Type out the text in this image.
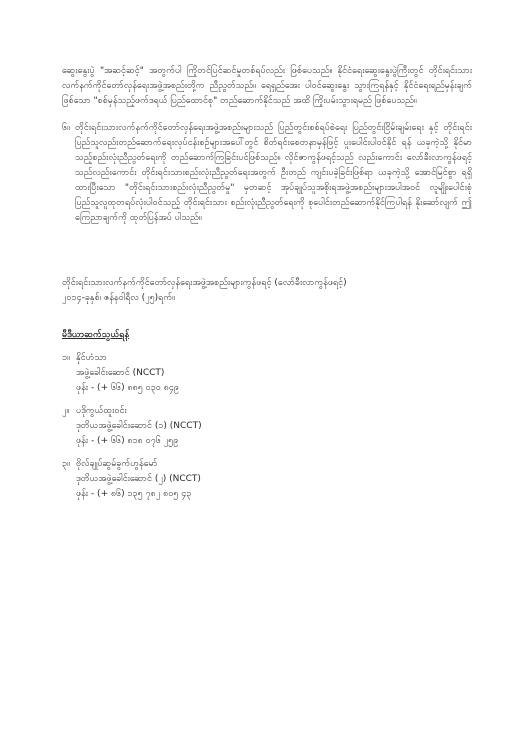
ဆွေးနွေးပွဲ "အဆင့်ဆင့်" အတွက်ပါ ကြိုတင်ပြင်ဆင်မှုတစ်ရပ်လည်း ဖြစ်ပေသည်။ နိုင်ငံရေးဆွေးနွေးပွဲကြီးတွင် တိုင်းရင်းသားလက်နက်ကိုင်တော်လှန်ရေးအဖွဲ့အစည်းတို့က ညီညွတ်သည်။ ရေရှည်အေး ပါဝင်ဆွေးနွေး သွားကြရန်နှင့် နိုင်ငံရေးရည်မှန်းချက်ဖြစ်သော "စစ်မှန်သည့်ဖက်ဒရယ် ပြည်ထောင်စု" တည်ဆောက်နိုင်သည် အထိ ကြိုးပမ်းသွားရမည် ဖြစ်ပေသည်။

၆။ တိုင်းရင်းသားလက်နက်ကိုင်တော်လှန်ရေးအဖွဲ့အစည်းများသည် ပြည်တွင်းစစ်ရပ်စဲရေး ပြည်တွင်းငြိမ်းချမ်းရေး နှင့် တိုင်းရင်းပြည်သူလည်းတည်ဆောက်ရေးလုပ်ငန်းစဉ်များအပေါ်တွင် စိတ်ရင်းစေတနာမှန်ဖြင့် ပူးပေါင်းပါဝင်နိုင် ရန် ယခုကဲ့သို့ နိုင်မာသည့်စည်းလုံးညီညွတ်ရေးကို တည်ဆောက်ကြခြင်းပင်ဖြစ်သည်။ လိုင်ဇာကွန်ဖရင့်သည် လည်းကောင်း လော်ခီးလာကွန်ဖရင့်သည်လည်းကောင်း တိုင်းရင်းသားစည်းလုံးညီညွတ်ရေးအတွက် ဦးတည် ကျင်းပခဲ့ခြင်းဖြစ်ရာ ယခုကဲ့သို့ အောင်မြင်စွာ ရရှိထားပြီးသော "တိုင်းရင်းသားစည်းလုံးညီညွတ်မှု" မှတဆင့် အုပ်ချုပ်သူအစိုးရအဖွဲ့အစည်းများအပါအဝင် လူမျိုးပေါင်းစုံပြည်သူလူထုတရပ်လုံးပါဝင်သည့် တိုင်းရင်းသား စည်းလုံးညီညွတ်ရေးကို စုပေါင်းတည်ဆောက်နိုင်ကြပါရန် နိုးဆော်လျက် ဤကြေညာချက်ကို ထုတ်ပြန်အပ် ပါသည်။
တိုင်းရင်းသားလက်နက်ကိုင်တော်လှန်ရေးအဖွဲ့အစည်းများကွန်ဖရင့် (လော်ခီးလာကွန်ဖရင့်)
၂၀၁၄-ခုနှစ်၊ ဇန်နဝါရီလ (၂၅)ရက်။
မီဒီယာဆက်သွယ်ရန်
၁။ နိုင်ဟံသာ
အဖွဲ့ခေါင်းဆောင် (NCCT)
ဖုန်း - (+ ၆၆) ၈၈၅ ၀၃၀ ၈၄၉
၂။ ပဒိုကွယ်ထူးဝင်း
ဒုတိယအဖွဲ့ခေါင်းဆောင် (၁) (NCCT)
ဖုန်း - (+ ၆၆) ၈၁၈ ၀၇၆ ၂၅၉
၃။ ဗိုလ်ချုပ်ဆွမ်ခွက်ဟွန်မော်
ဒုတိယအဖွဲ့ခေါင်းဆောင် (၂) (NCCT)
ဖုန်း - (+ ၈၆) ၁၃၅ ၇၈၂ ၈၀၅ ၄၃
